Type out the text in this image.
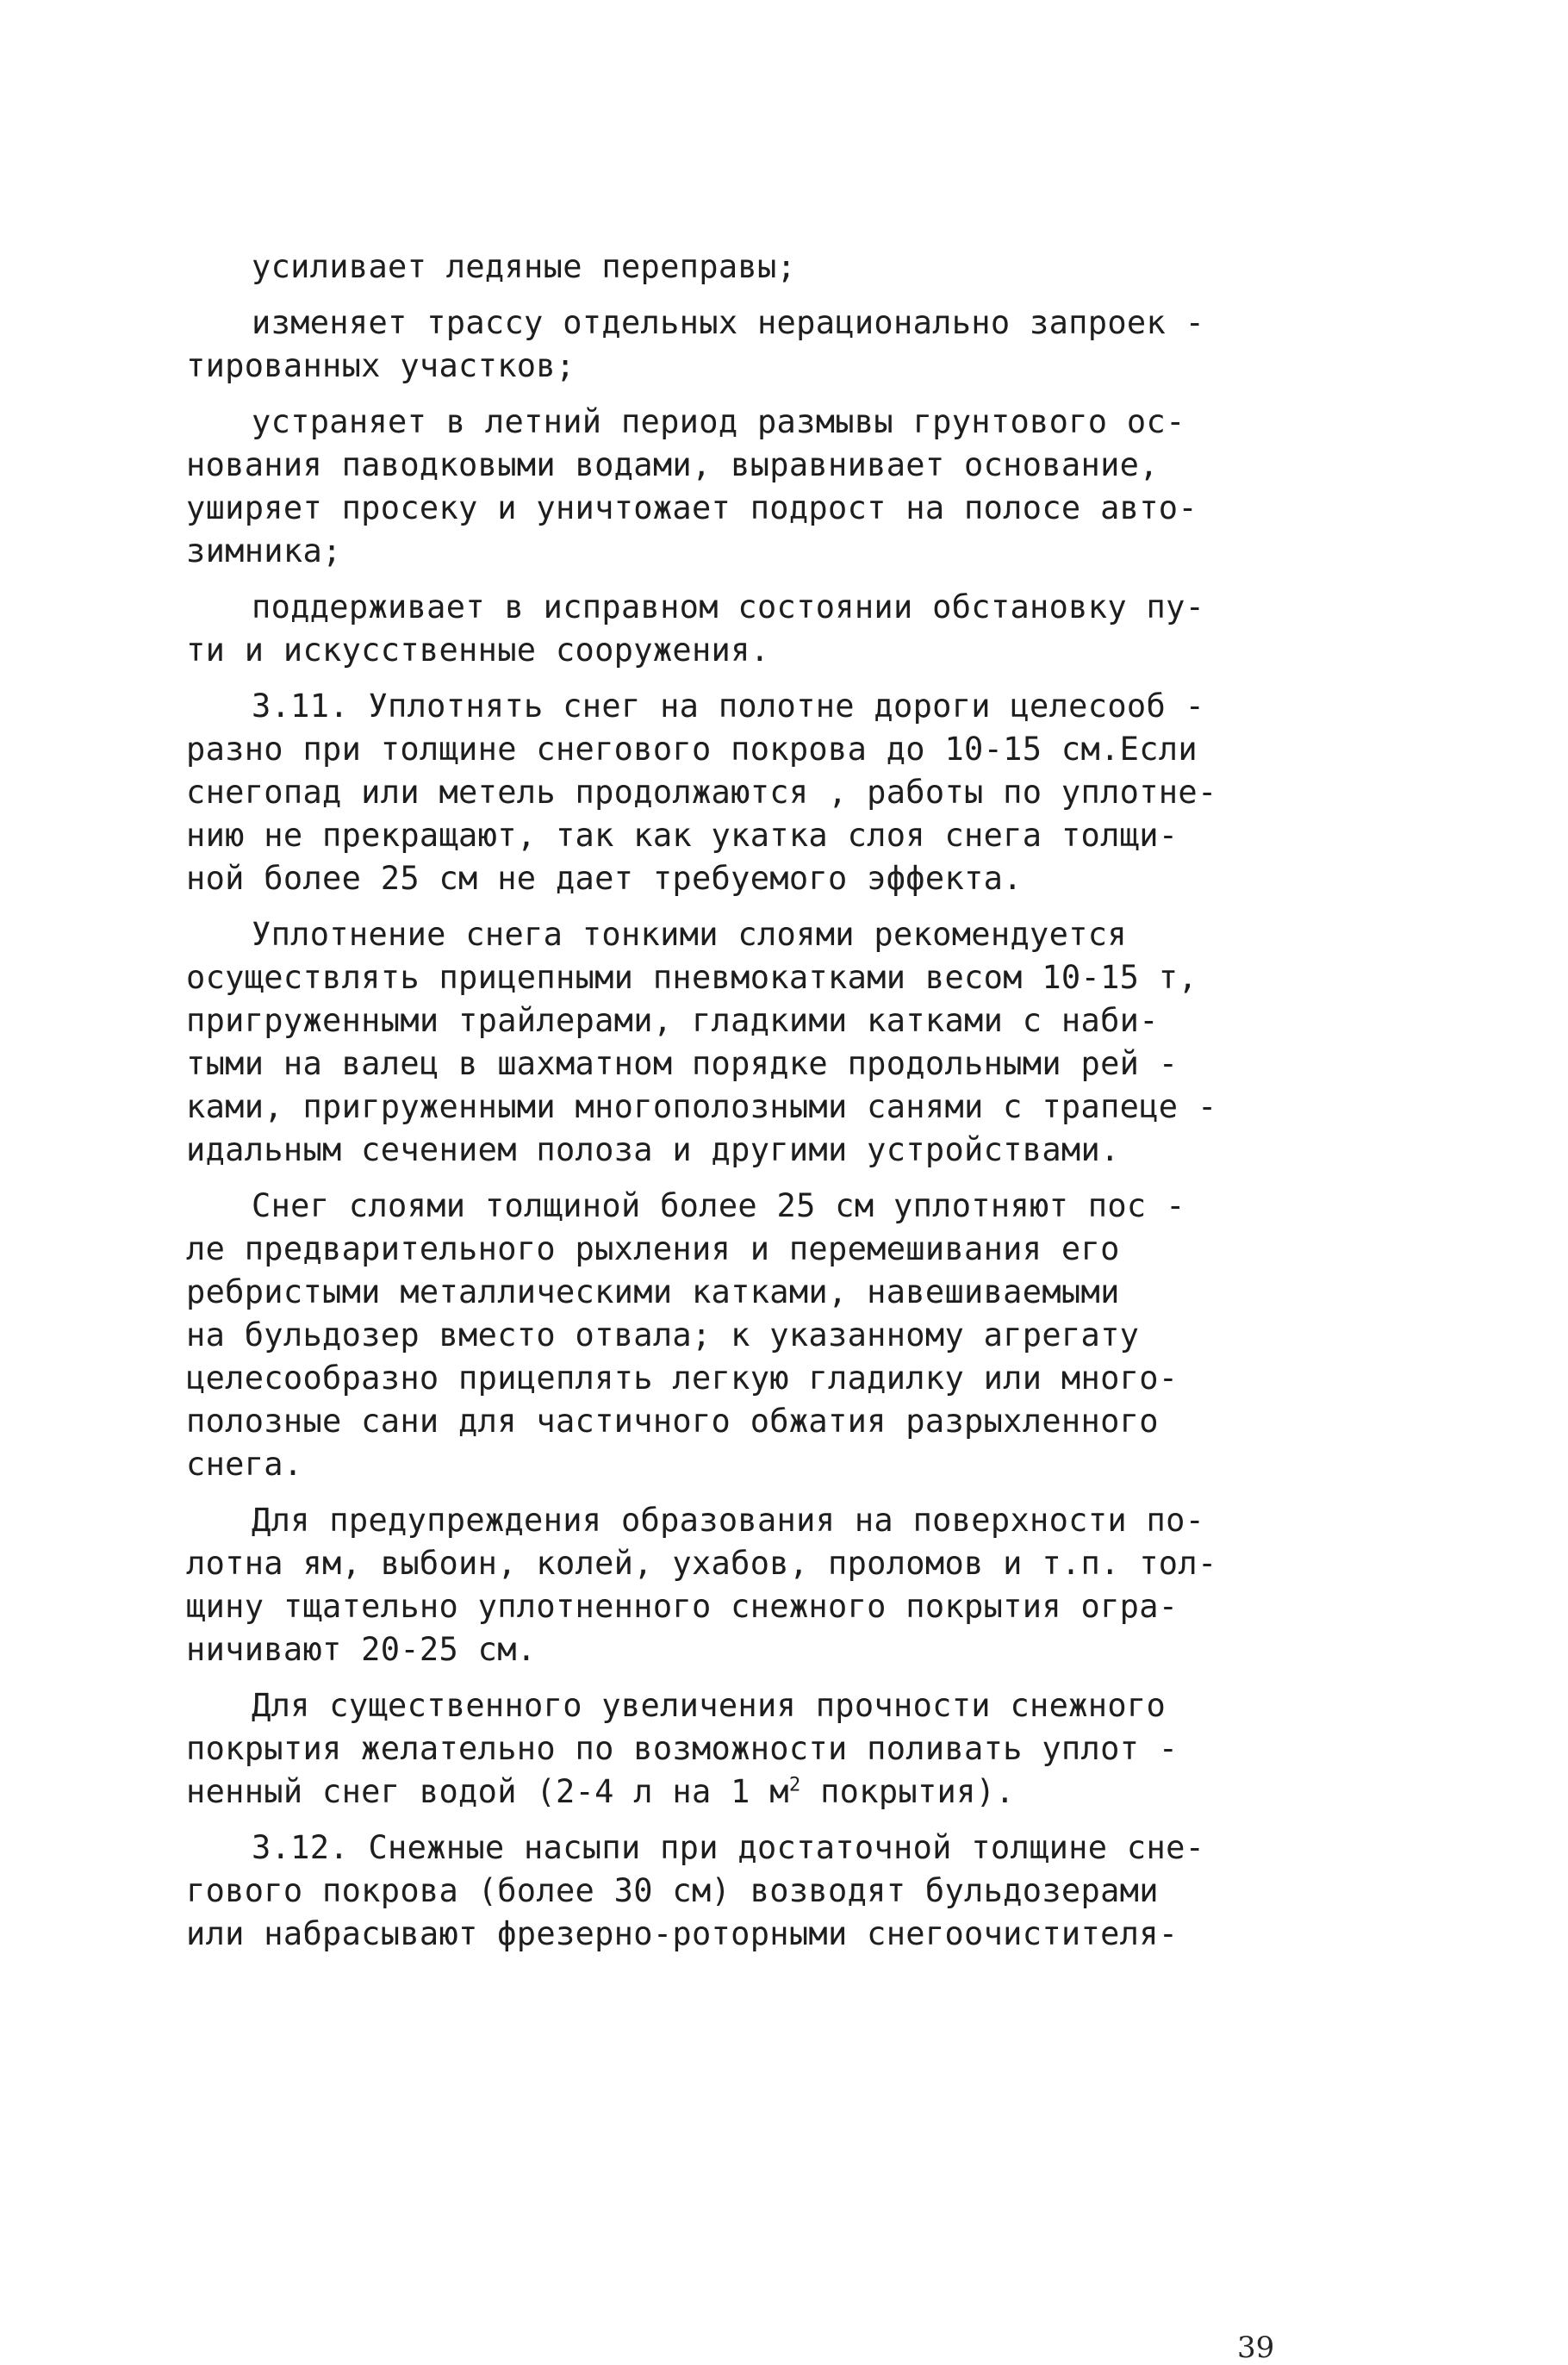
усиливает ледяные переправы;
изменяет трассу отдельных нерационально запроек -
тированных участков;
устраняет в летний период размывы грунтового ос-
нования паводковыми водами, выравнивает основание,
уширяет просеку и уничтожает подрост на полосе авто-
зимника;
поддерживает в исправном состоянии обстановку пу-
ти и искусственные сооружения.
3.11. Уплотнять снег на полотне дороги целесооб -
разно при толщине снегового покрова до 10-15 см.Если
снегопад или метель продолжаются , работы по уплотне-
нию не прекращают, так как укатка слоя снега толщи-
ной более 25 см не дает требуемого эффекта.
Уплотнение снега тонкими слоями рекомендуется
осуществлять прицепными пневмокатками весом 10-15 т,
пригруженными трайлерами, гладкими катками с наби-
тыми на валец в шахматном порядке продольными рей -
ками, пригруженными многополозными санями с трапеце -
идальным сечением полоза и другими устройствами.
Снег слоями толщиной более 25 см уплотняют пос -
ле предварительного рыхления и перемешивания его
ребристыми металлическими катками, навешиваемыми
на бульдозер вместо отвала; к указанному агрегату
целесообразно прицеплять легкую гладилку или много-
полозные сани для частичного обжатия разрыхленного
снега.
Для предупреждения образования на поверхности по-
лотна ям, выбоин, колей, ухабов, проломов и т.п. тол-
щину тщательно уплотненного снежного покрытия огра-
ничивают 20-25 см.
Для существенного увеличения прочности снежного
покрытия желательно по возможности поливать уплот -
ненный снег водой (2-4 л на 1 $м^2$ покрытия).
3.12. Снежные насыпи при достаточной толщине сне-
гового покрова (более 30 см) возводят бульдозерами
или набрасывают фрезерно-роторными снегоочистителя-
39
